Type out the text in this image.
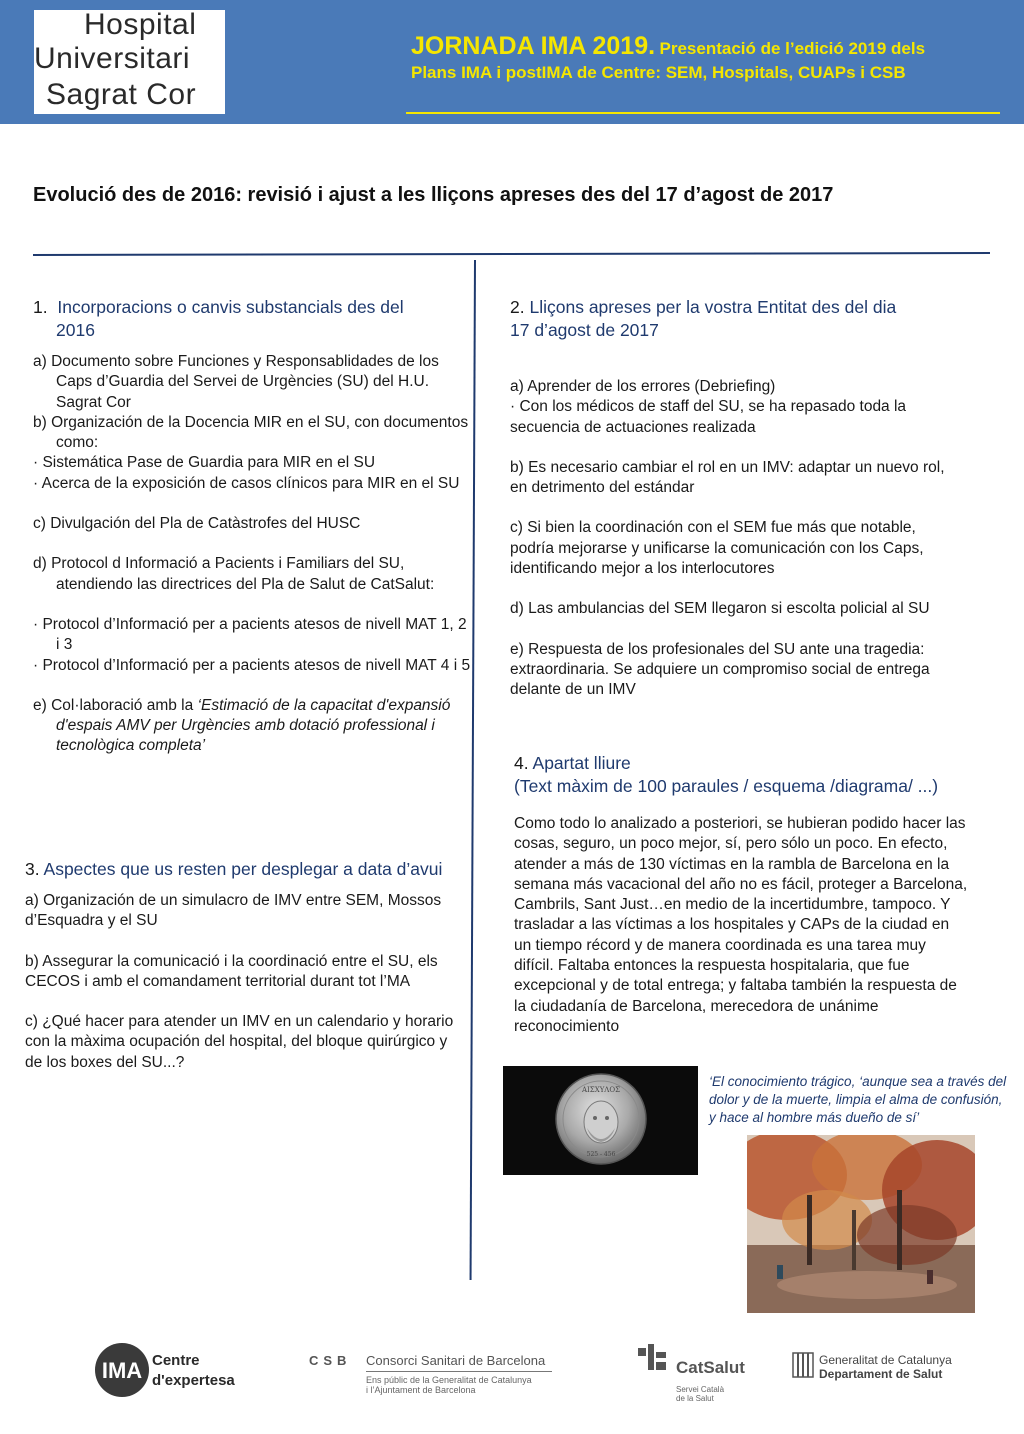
Hospital
Universitari
Sagrat Cor
JORNADA IMA 2019. Presentació de l’edició 2019 dels
Plans IMA i postIMA de Centre: SEM, Hospitals, CUAPs i CSB
Evolució des de 2016: revisió i ajust a les lliçons apreses des del 17 d’agost de 2017
1. Incorporacions o canvis substancials des del
2016

a) Documento sobre Funciones y Responsablidades de los Caps d’Guardia del Servei de Urgències (SU) del H.U. Sagrat Cor

b) Organización de la Docencia MIR en el SU, con documentos como:

· Sistemática Pase de Guardia para MIR en el SU

· Acerca de la exposición de casos clínicos para MIR en el SU

c) Divulgación del Pla de Catàstrofes del HUSC

d) Protocol d Informació a Pacients i Familiars del SU, atendiendo las directrices del Pla de Salut de CatSalut:

· Protocol d’Informació per a pacients atesos de nivell MAT 1, 2 i 3

· Protocol d’Informació per a pacients atesos de nivell MAT 4 i 5

e) Col·laboració amb la ‘Estimació de la capacitat d'expansió d'espais AMV per Urgències amb dotació professional i tecnològica completa’

3. Aspectes que us resten per desplegar a data d’avui

a) Organización de un simulacro de IMV entre SEM, Mossos

d’Esquadra y el SU

b) Assegurar la comunicació i la coordinació entre el SU, els CECOS i amb el comandament territorial durant tot l’MA

c) ¿Qué hacer para atender un IMV en un calendario y horario con la màxima ocupación del hospital, del bloque quirúrgico y de los boxes del SU...?

2. Lliçons apreses per la vostra Entitat des del dia
17 d’agost de 2017

a) Aprender de los errores (Debriefing)

· Con los médicos de staff del SU, se ha repasado toda la secuencia de actuaciones realizada

b) Es necesario cambiar el rol en un IMV: adaptar un nuevo rol, en detrimento del estándar

c) Si bien la coordinación con el SEM fue más que notable, podría mejorarse y unificarse la comunicación con los Caps, identificando mejor a los interlocutores

d) Las ambulancias del SEM llegaron si escolta policial al SU

e) Respuesta de los profesionales del SU ante una tragedia: extraordinaria. Se adquiere un compromiso social de entrega delante de un IMV

4. Apartat lliure
(Text màxim de 100 paraules / esquema /diagrama/ ...)

Como todo lo analizado a posteriori, se hubieran podido hacer las cosas, seguro, un poco mejor, sí, pero sólo un poco. En efecto, atender a más de 130 víctimas en la rambla de Barcelona en la semana más vacacional del año no es fácil, proteger a Barcelona, Cambrils, Sant Just…en medio de la incertidumbre, tampoco. Y trasladar a las víctimas a los hospitales y CAPs de la ciudad en un tiempo récord y de manera coordinada es una tarea muy difícil. Faltaba entonces la respuesta hospitalaria, que fue excepcional y de total entrega; y faltaba también la respuesta de la ciudadanía de Barcelona, merecedora de unánime reconocimiento

ΑΙΣΧΥΛΟΣ
525 - 456
‘El conocimiento trágico, ‘aunque sea a través del dolor y de la muerte, limpia el alma de confusión, y hace al hombre más dueño de sí’
IMA Centre
d'expertesa
CSB Consorci Sanitari de Barcelona
Ens públic de la Generalitat de Catalunya
i l’Ajuntament de Barcelona
CatSalut
Servei Català
de la Salut
Generalitat de Catalunya
Departament de Salut
